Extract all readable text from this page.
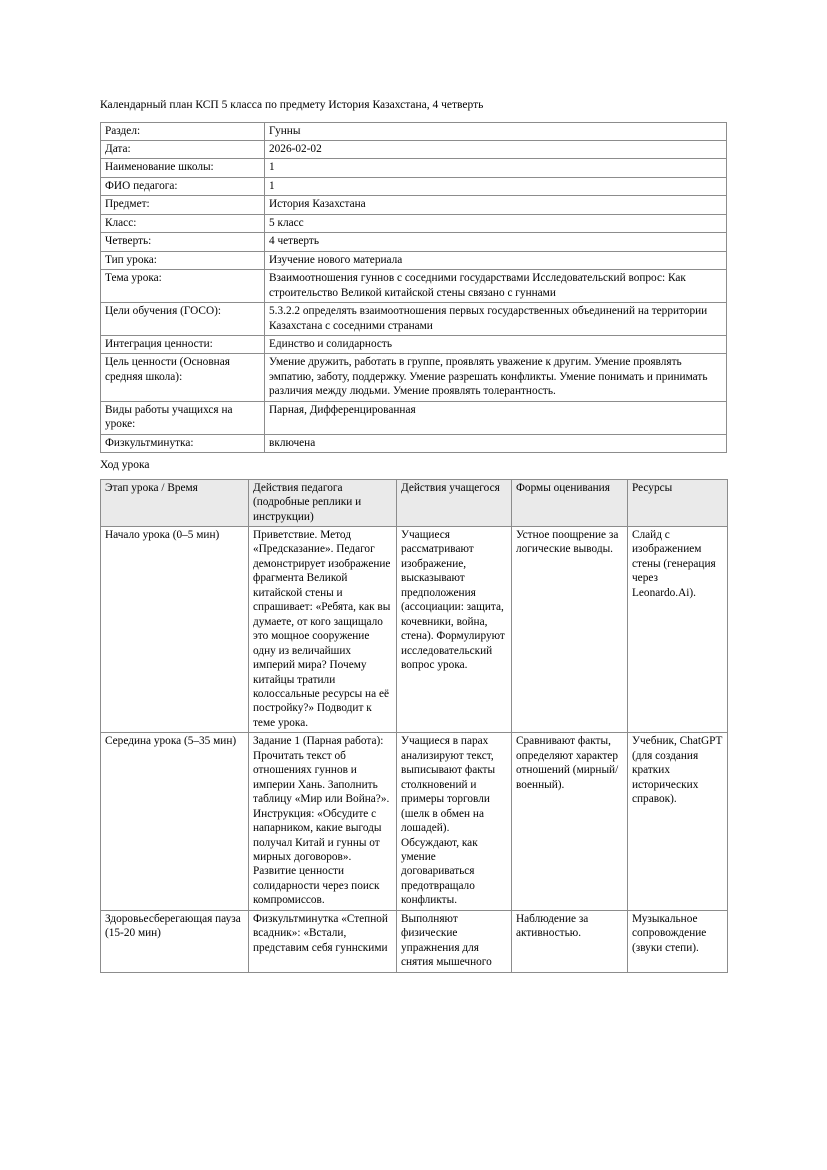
Календарный план КСП 5 класса по предмету История Казахстана, 4 четверть
Раздел:	Гунны
Дата:	2026-02-02
Наименование школы:	1
ФИО педагога:	1
Предмет:	История Казахстана
Класс:	5 класс
Четверть:	4 четверть
Тип урока:	Изучение нового материала
Тема урока:	Взаимоотношения гуннов с соседними государствами Исследовательский вопрос: Как строительство Великой китайской стены связано с гуннами
Цели обучения (ГОСО):	5.3.2.2 определять взаимоотношения первых государственных объединений на территории Казахстана с соседними странами
Интеграция ценности:	Единство и солидарность
Цель ценности (Основная средняя школа):	Умение дружить, работать в группе, проявлять уважение к другим. Умение проявлять эмпатию, заботу, поддержку. Умение разрешать конфликты. Умение понимать и принимать различия между людьми. Умение проявлять толерантность.
Виды работы учащихся на уроке:	Парная, Дифференцированная
Физкультминутка:	включена
Ход урока
Этап урока / Время	Действия педагога (подробные реплики и инструкции)	Действия учащегося	Формы оценивания	Ресурсы
Начало урока (0–5 мин)	Приветствие. Метод «Предсказание». Педагог демонстрирует изображение фрагмента Великой китайской стены и спрашивает: «Ребята, как вы думаете, от кого защищало это мощное сооружение одну из величайших империй мира? Почему китайцы тратили колоссальные ресурсы на её постройку?» Подводит к теме урока.	Учащиеся рассматривают изображение, высказывают предположения (ассоциации: защита, кочевники, война, стена). Формулируют исследовательский вопрос урока.	Устное поощрение за логические выводы.	Слайд с изображением стены (генерация через Leonardo.Ai).
Середина урока (5–35 мин)	Задание 1 (Парная работа): Прочитать текст об отношениях гуннов и империи Хань. Заполнить таблицу «Мир или Война?». Инструкция: «Обсудите с напарником, какие выгоды получал Китай и гунны от мирных договоров». Развитие ценности солидарности через поиск компромиссов.	Учащиеся в парах анализируют текст, выписывают факты столкновений и примеры торговли (шелк в обмен на лошадей). Обсуждают, как умение договариваться предотвращало конфликты.	Сравнивают факты, определяют характер отношений (мирный/военный).	Учебник, ChatGPT (для создания кратких исторических справок).
Здоровьесберегающая пауза (15-20 мин)	Физкультминутка «Степной всадник»: «Встали, представим себя гуннскими	Выполняют физические упражнения для снятия мышечного	Наблюдение за активностью.	Музыкальное сопровождение (звуки степи).
